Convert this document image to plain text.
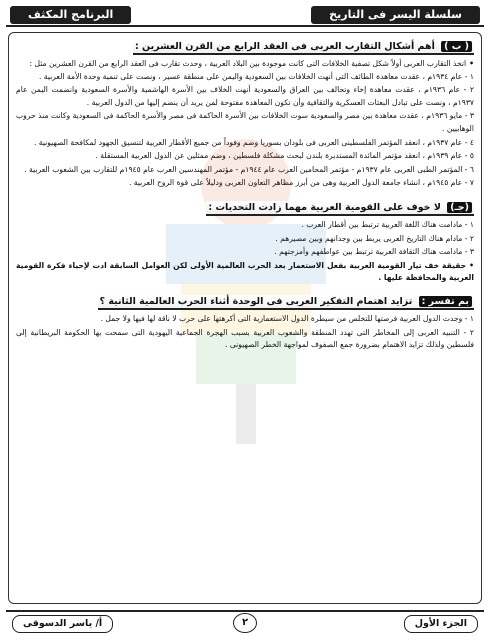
سلسلة اليسر فى التاريخ
البرنامج المكثف
( ب ) أهم أشكال التقارب العربى فى العقد الرابع من القرن العشرين :

• اتخذ التقارب العربى أولاً شكل تصفية الخلافات التى كانت موجودة بين البلاد العربية ، وحدث تقارب فى العقد الرابع من القرن العشرين مثل :

١ - عام ١٩٣٤م ، عقدت معاهدة الطائف التى أنهت الخلافات بين السعودية واليمن على منطقة عسير ، ونصت على تنمية وحدة الأمة العربية .
٢ - عام ١٩٣٦م ، عقدت معاهدة إخاء وتحالف بين العراق والسعودية أنهت الخلاف بين الأسرة الهاشمية والأسرة السعودية وانضمت اليمن عام ١٩٣٧م ، ونصت على تبادل البعثات العسكرية والثقافية وأن تكون المعاهدة مفتوحة لمن يريد أن ينضم إليها من الدول العربية .
٣ - مايو ١٩٣٦م ، عقدت معاهدة بين مصر والسعودية سوت الخلافات بين الأسرة الحاكمة فى مصر والأسرة الحاكمة فى السعودية وكانت منذ حروب الوهابيين .
٤ - عام ١٩٣٧م ، انعقد المؤتمر الفلسطينى العربى فى بلودان بسوريا وضم وفوداً من جميع الأقطار العربية لتنسيق الجهود لمكافحة الصهيونية .
٥ - عام ١٩٣٩م ، انعقد مؤتمر المائدة المستديرة بلندن لبحث مشكلة فلسطين ، وضم ممثلين عن الدول العربية المستقلة .
٦ - المؤتمر الطبى العربى عام ١٩٣٧م - مؤتمر المحامين العرب عام ١٩٤٤م - مؤتمر المهندسين العرب عام ١٩٤٥م للتقارب بين الشعوب العربية .
٧ - عام ١٩٤٥م ، انشاء جامعة الدول العربية وهى من أبرز مظاهر التعاون العربى ودليلاً على قوة الروح العربية .
(جـ) لا خوف على القومية العربية مهما زادت التحديات :
١ - مادامت هناك اللغة العربية ترتبط بين أقطار العرب .
٢ - مادام هناك التاريخ العربى يربط بين وجدانهم وبين مصيرهم .
٣ - مادامت هناك الثقافة العربية ترتبط بين عواطفهم وأمزجتهم .

• حقيقة خف تيار القومية العربية بفعل الاستعمار بعد الحرب العالمية الأولى لكن العوامل السابقة ادت لإحياء فكرة القومية العربية والمحافظة عليها .

بم تفسر : تزايد اهتمام التفكير العربى فى الوحدة أثناء الحرب العالمية الثانية ؟
١ - وجدت الدول العربية فرصتها للتخلص من سيطرة الدول الاستعمارية التى أكرهتها على حرب لا ناقة لها فيها ولا جمل .
٢ - التنبيه العربى إلى المخاطر التى تهدد المنطقة والشعوب العربية بسبب الهجرة الجماعية اليهودية التى سمحت بها الحكومة البريطانية إلى فلسطين ولذلك تزايد الاهتمام بضرورة جمع الصفوف لمواجهة الخطر الصهيونى .
الجزء الأول
٢
أ/ ياسر الدسوقى
